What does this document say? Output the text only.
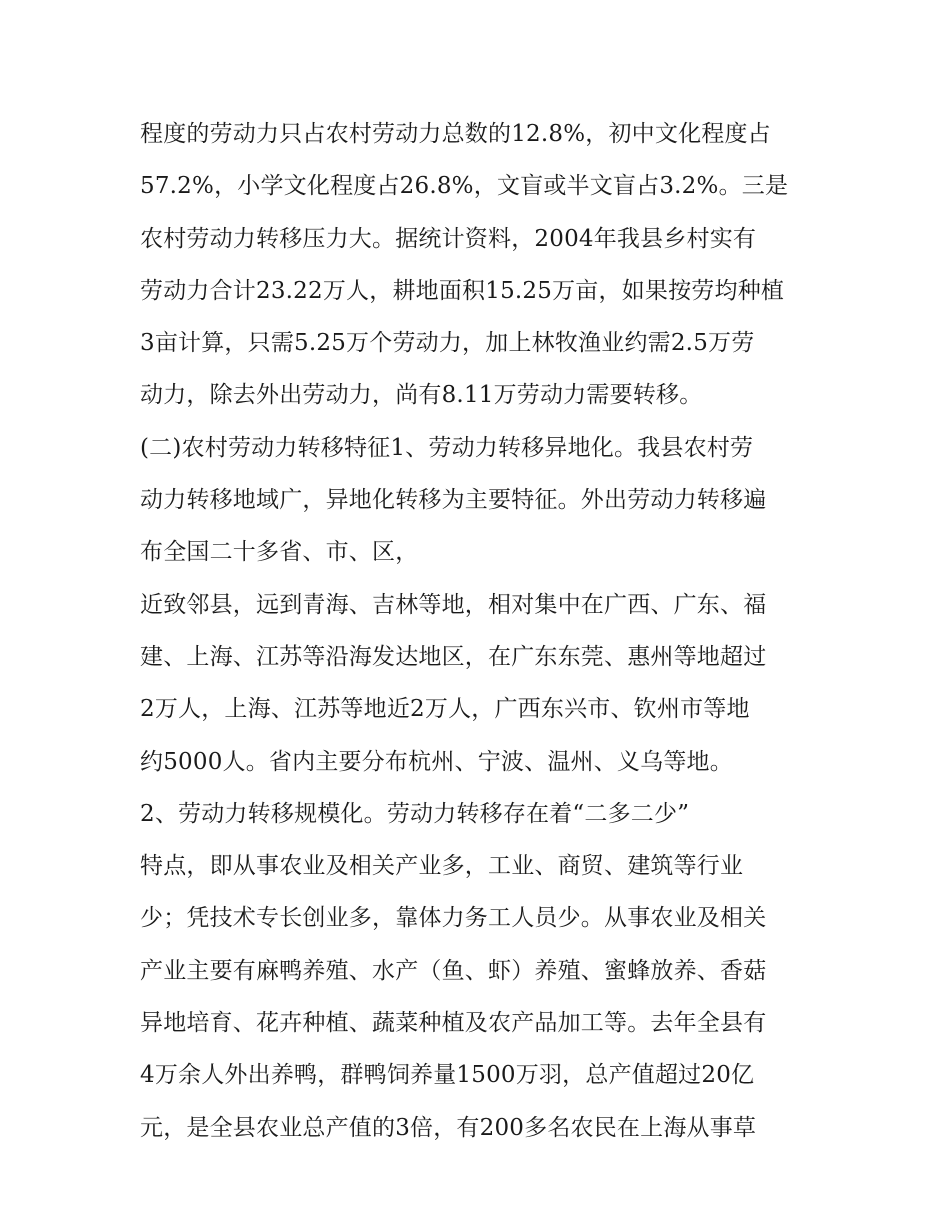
程度的劳动力只占农村劳动力总数的12.8%，初中文化程度占
57.2%，小学文化程度占26.8%，文盲或半文盲占3.2%。三是
农村劳动力转移压力大。据统计资料，2004年我县乡村实有
劳动力合计23.22万人，耕地面积15.25万亩，如果按劳均种植
3亩计算，只需5.25万个劳动力，加上林牧渔业约需2.5万劳
动力，除去外出劳动力，尚有8.11万劳动力需要转移。
(二)农村劳动力转移特征1、劳动力转移异地化。我县农村劳
动力转移地域广，异地化转移为主要特征。外出劳动力转移遍
布全国二十多省、市、区，
近致邻县，远到青海、吉林等地，相对集中在广西、广东、福
建、上海、江苏等沿海发达地区，在广东东莞、惠州等地超过
2万人，上海、江苏等地近2万人，广西东兴市、钦州市等地
约5000人。省内主要分布杭州、宁波、温州、义乌等地。
2、劳动力转移规模化。劳动力转移存在着“二多二少”
特点，即从事农业及相关产业多，工业、商贸、建筑等行业
少；凭技术专长创业多，靠体力务工人员少。从事农业及相关
产业主要有麻鸭养殖、水产（鱼、虾）养殖、蜜蜂放养、香菇
异地培育、花卉种植、蔬菜种植及农产品加工等。去年全县有
4万余人外出养鸭，群鸭饲养量1500万羽，总产值超过20亿
元，是全县农业总产值的3倍，有200多名农民在上海从事草
